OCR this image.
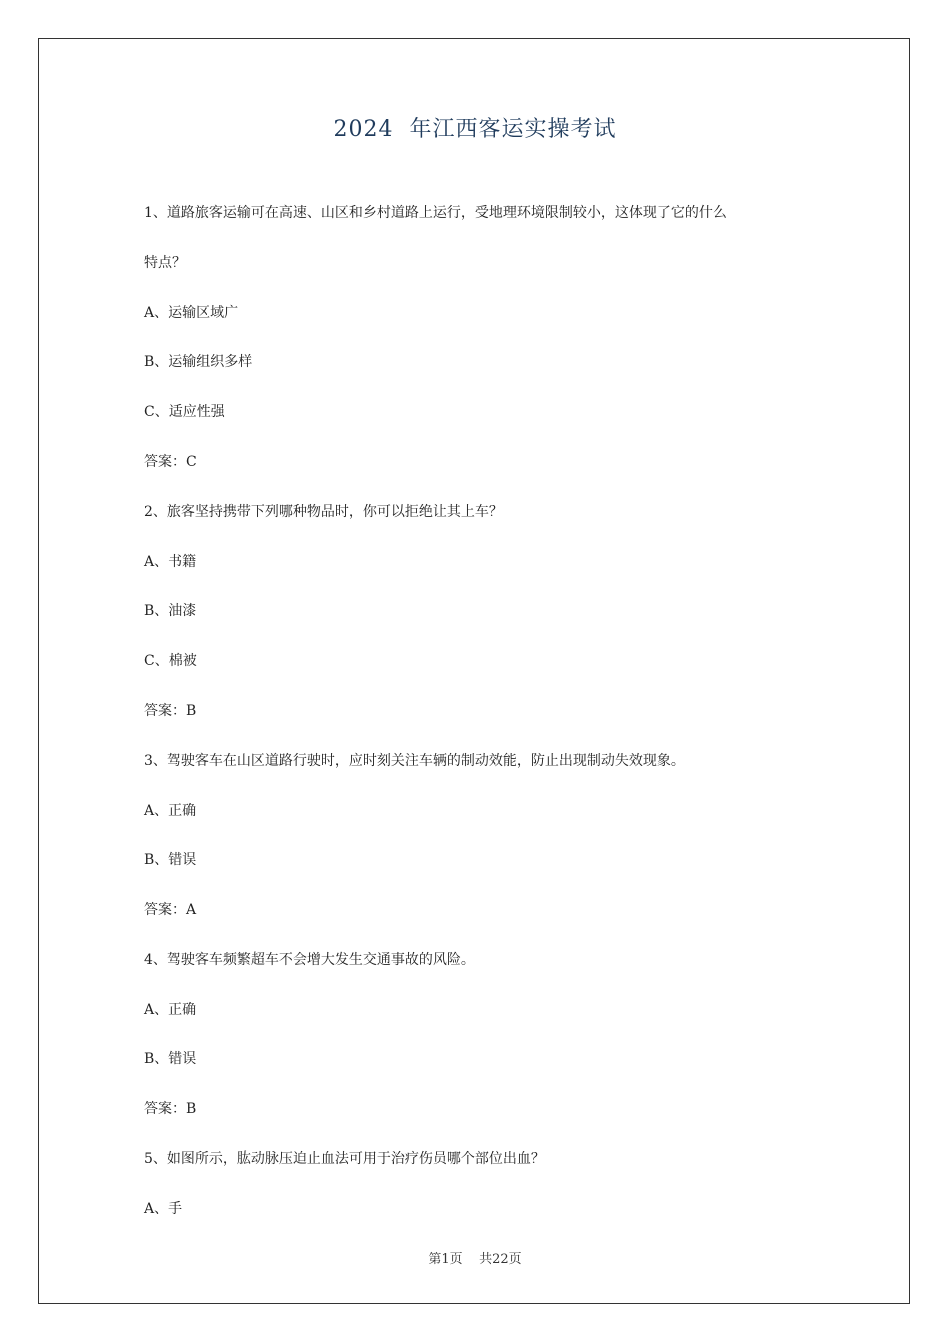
2024  年江西客运实操考试
1、道路旅客运输可在高速、山区和乡村道路上运行，受地理环境限制较小，这体现了它的什么
特点？
A、运输区域广
B、运输组织多样
C、适应性强
答案：C
2、旅客坚持携带下列哪种物品时，你可以拒绝让其上车？
A、书籍
B、油漆
C、棉被
答案：B
3、驾驶客车在山区道路行驶时，应时刻关注车辆的制动效能，防止出现制动失效现象。
A、正确
B、错误
答案：A
4、驾驶客车频繁超车不会增大发生交通事故的风险。
A、正确
B、错误
答案：B
5、如图所示，肱动脉压迫止血法可用于治疗伤员哪个部位出血？
A、手
第1页    共22页
